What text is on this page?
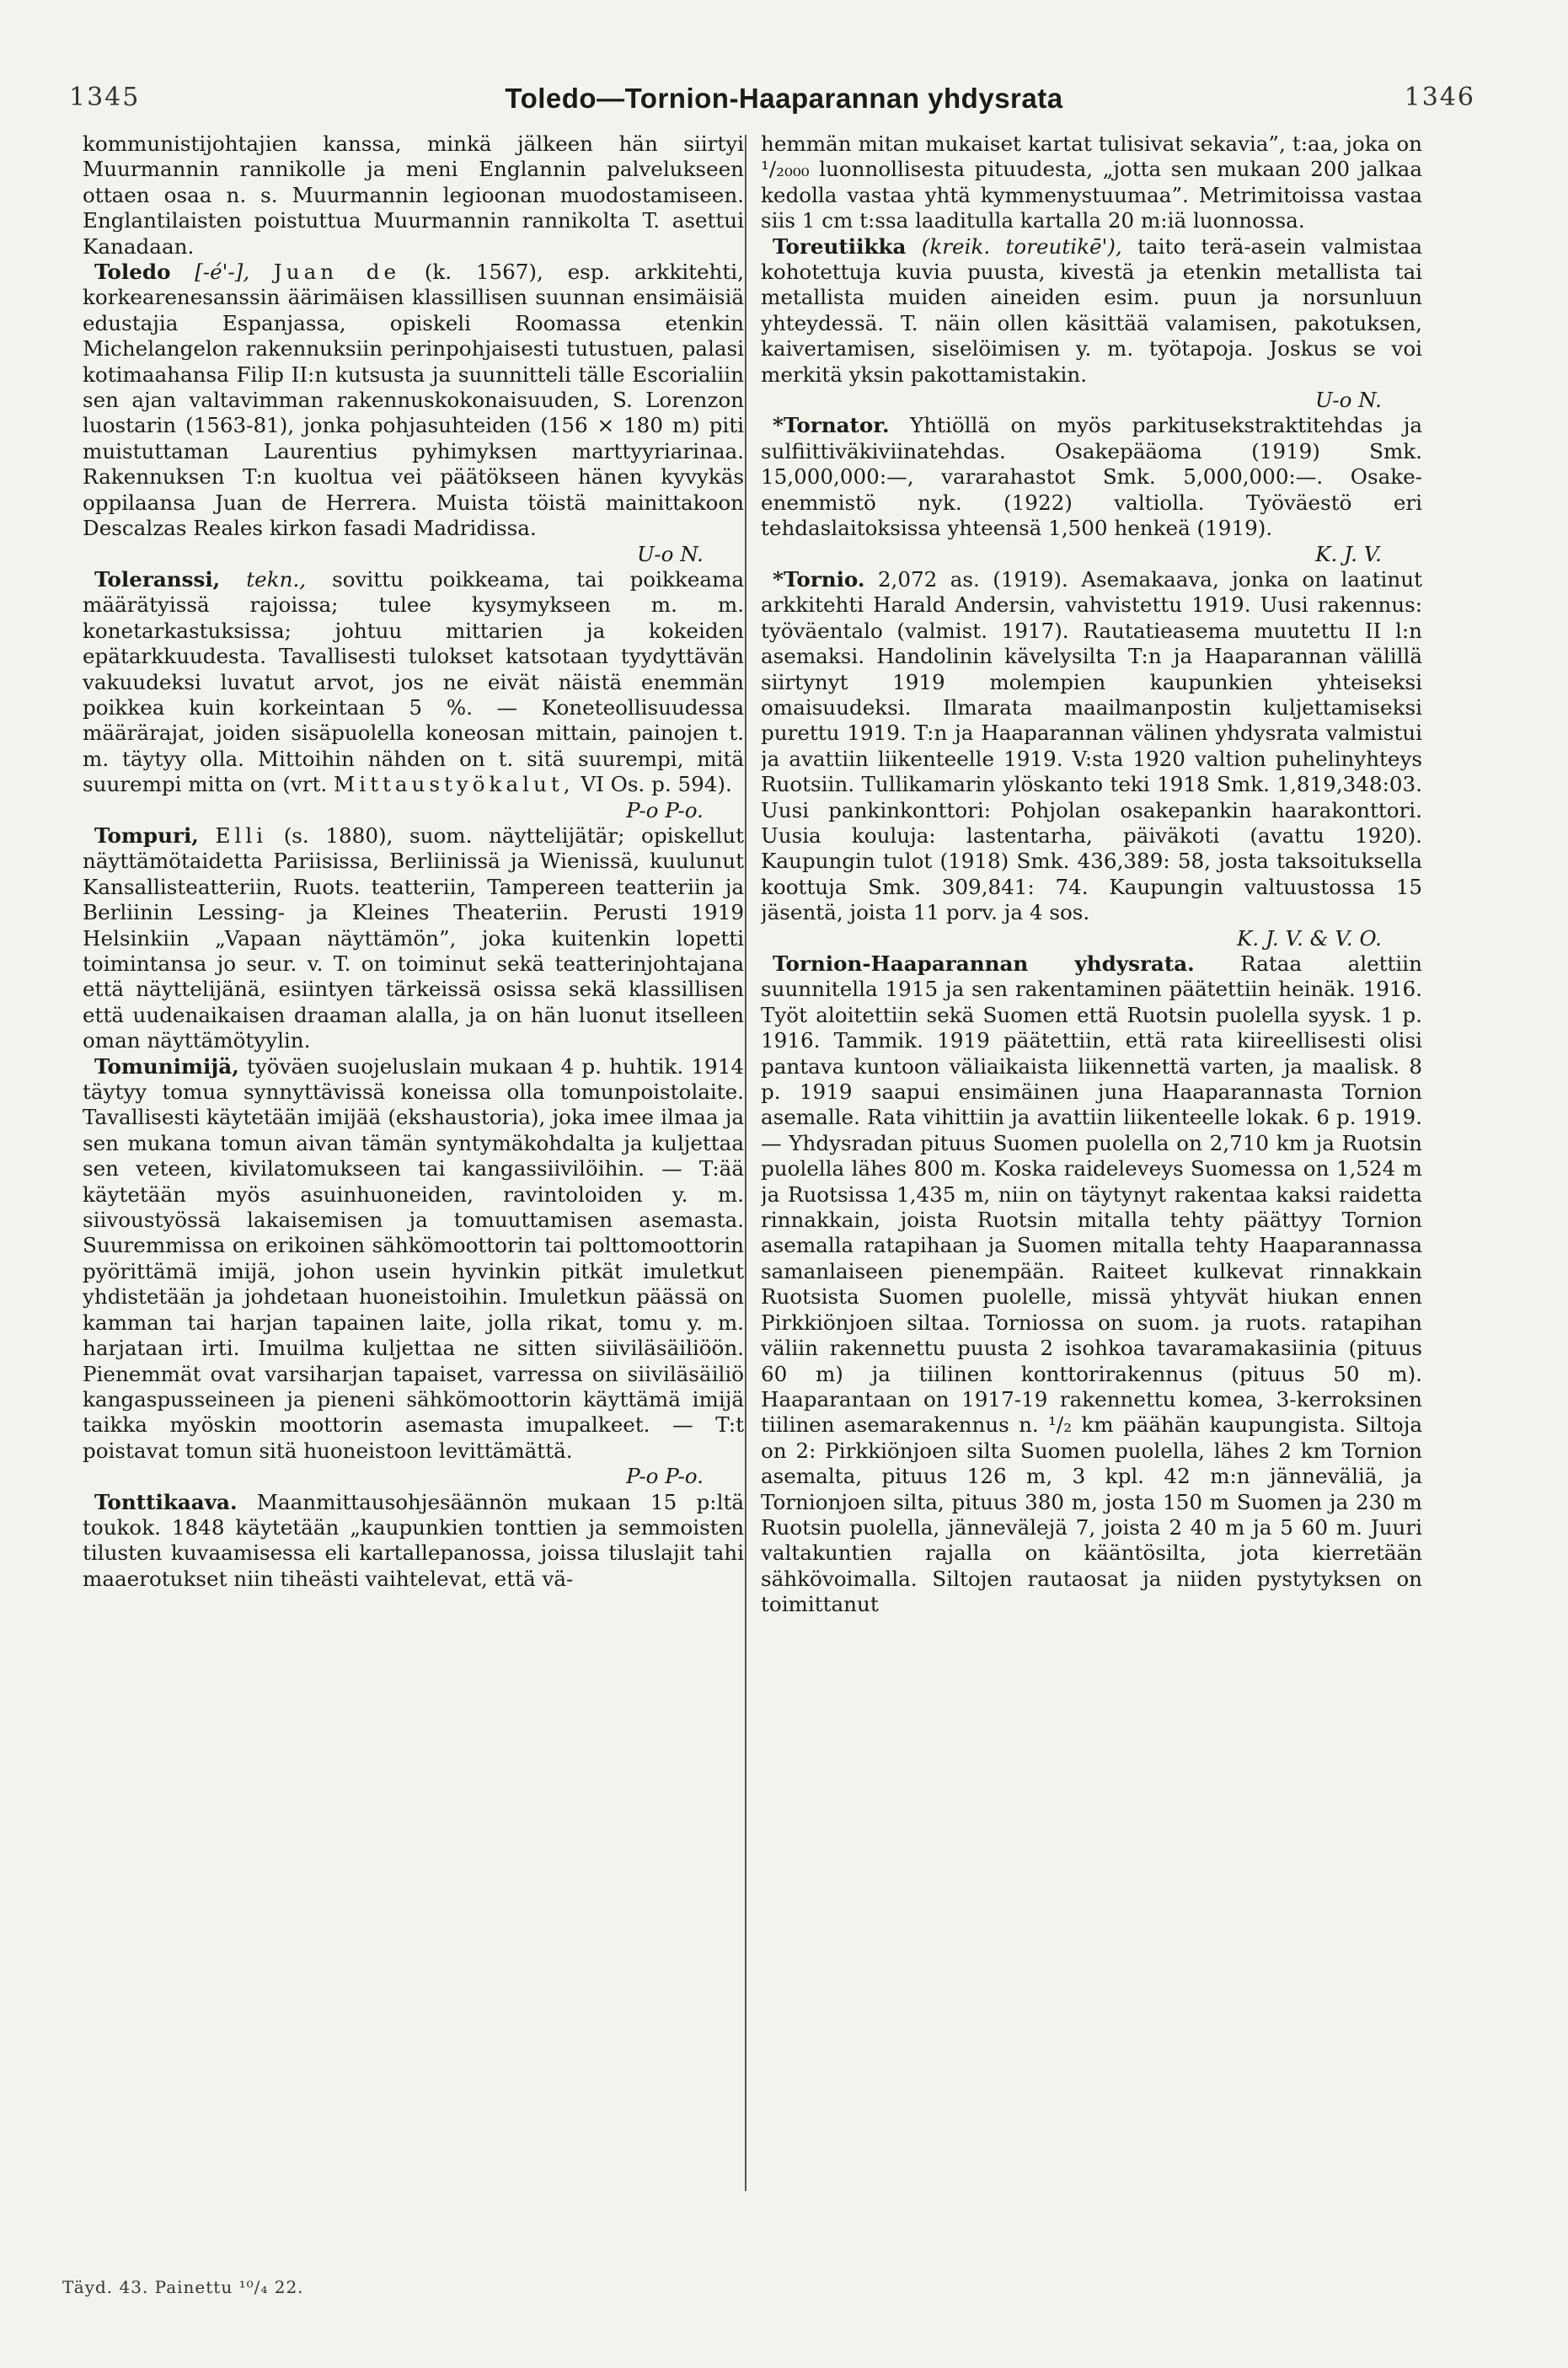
1345	Toledo—Tornion-Haaparannan yhdysrata	1346

kommunistijohtajien kanssa, minkä jälkeen hän siirtyi Muurmannin rannikolle ja meni Englannin palvelukseen ottaen osaa n. s. Muurmannin legioonan muodostamiseen. Englantilaisten poistuttua Muurmannin rannikolta T. asettui Kanadaan.

Toledo [-é'-], Juan de (k. 1567), esp. arkkitehti, korkearenesanssin äärimäisen klassillisen suunnan ensimäisiä edustajia Espanjassa, opiskeli Roomassa etenkin Michelangelon rakennuksiin perinpohjaisesti tutustuen, palasi kotimaahansa Filip II:n kutsusta ja suunnitteli tälle Escorialiin sen ajan valtavimman rakennuskokonaisuuden, S. Lorenzon luostarin (1563-81), jonka pohjasuhteiden (156 × 180 m) piti muistuttaman Laurentius pyhimyksen marttyyriarinaa. Rakennuksen T:n kuoltua vei päätökseen hänen kyvykäs oppilaansa Juan de Herrera. Muista töistä mainittakoon Descalzas Reales kirkon fasadi Madridissa.

U-o N.

Toleranssi, tekn., sovittu poikkeama, tai poikkeama määrätyissä rajoissa; tulee kysymykseen m. m. konetarkastuksissa; johtuu mittarien ja kokeiden epätarkkuudesta. Tavallisesti tulokset katsotaan tyydyttävän vakuudeksi luvatut arvot, jos ne eivät näistä enemmän poikkea kuin korkeintaan 5 %. — Koneteollisuudessa määrärajat, joiden sisäpuolella koneosan mittain, painojen t. m. täytyy olla. Mittoihin nähden on t. sitä suurempi, mitä suurempi mitta on (vrt. Mittaustyökalut, VI Os. p. 594).

P-o P-o.

Tompuri, Elli (s. 1880), suom. näyttelijätär; opiskellut näyttämötaidetta Pariisissa, Berliinissä ja Wienissä, kuulunut Kansallisteatteriin, Ruots. teatteriin, Tampereen teatteriin ja Berliinin Lessing- ja Kleines Theateriin. Perusti 1919 Helsinkiin „Vapaan näyttämön”, joka kuitenkin lopetti toimintansa jo seur. v. T. on toiminut sekä teatterinjohtajana että näyttelijänä, esiintyen tärkeissä osissa sekä klassillisen että uudenaikaisen draaman alalla, ja on hän luonut itselleen oman näyttämötyylin.

Tomunimijä, työväen suojeluslain mukaan 4 p. huhtik. 1914 täytyy tomua synnyttävissä koneissa olla tomunpoistolaite. Tavallisesti käytetään imijää (ekshaustoria), joka imee ilmaa ja sen mukana tomun aivan tämän syntymäkohdalta ja kuljettaa sen veteen, kivilatomukseen tai kangassiivilöihin. — T:ää käytetään myös asuinhuoneiden, ravintoloiden y. m. siivoustyössä lakaisemisen ja tomuuttamisen asemasta. Suuremmissa on erikoinen sähkömoottorin tai polttomoottorin pyörittämä imijä, johon usein hyvinkin pitkät imuletkut yhdistetään ja johdetaan huoneistoihin. Imuletkun päässä on kamman tai harjan tapainen laite, jolla rikat, tomu y. m. harjataan irti. Imuilma kuljettaa ne sitten siiviläsäiliöön. Pienemmät ovat varsiharjan tapaiset, varressa on siiviläsäiliö kangaspusseineen ja pieneni sähkömoottorin käyttämä imijä taikka myöskin moottorin asemasta imupalkeet. — T:t poistavat tomun sitä huoneistoon levittämättä.

P-o P-o.

Tonttikaava. Maanmittausohjesäännön mukaan 15 p:ltä toukok. 1848 käytetään „kaupunkien tonttien ja semmoisten tilusten kuvaamisessa eli kartallepanossa, joissa tiluslajit tahi maaerotukset niin tiheästi vaihtelevat, että vä-

hemmän mitan mukaiset kartat tulisivat sekavia”, t:aa, joka on ¹/₂₀₀₀ luonnollisesta pituudesta, „jotta sen mukaan 200 jalkaa kedolla vastaa yhtä kymmenystuumaa”. Metrimitoissa vastaa siis 1 cm t:ssa laaditulla kartalla 20 m:iä luonnossa.

Toreutiikka (kreik. toreutikē'), taito terä-asein valmistaa kohotettuja kuvia puusta, kivestä ja etenkin metallista tai metallista muiden aineiden esim. puun ja norsunluun yhteydessä. T. näin ollen käsittää valamisen, pakotuksen, kaivertamisen, siselöimisen y. m. työtapoja. Joskus se voi merkitä yksin pakottamistakin.

U-o N.

*Tornator. Yhtiöllä on myös parkitusekstraktitehdas ja sulfiittiväkiviinatehdas. Osakepääoma (1919) Smk. 15,000,000:—, vararahastot Smk. 5,000,000:—. Osake-enemmistö nyk. (1922) valtiolla. Työväestö eri tehdaslaitoksissa yhteensä 1,500 henkeä (1919).

K. J. V.

*Tornio. 2,072 as. (1919). Asemakaava, jonka on laatinut arkkitehti Harald Andersin, vahvistettu 1919. Uusi rakennus: työväentalo (valmist. 1917). Rautatieasema muutettu II l:n asemaksi. Handolinin kävelysilta T:n ja Haaparannan välillä siirtynyt 1919 molempien kaupunkien yhteiseksi omaisuudeksi. Ilmarata maailmanpostin kuljettamiseksi purettu 1919. T:n ja Haaparannan välinen yhdysrata valmistui ja avattiin liikenteelle 1919. V:sta 1920 valtion puhelinyhteys Ruotsiin. Tullikamarin ylöskanto teki 1918 Smk. 1,819,348:03. Uusi pankinkonttori: Pohjolan osakepankin haarakonttori. Uusia kouluja: lastentarha, päiväkoti (avattu 1920). Kaupungin tulot (1918) Smk. 436,389: 58, josta taksoituksella koottuja Smk. 309,841: 74. Kaupungin valtuustossa 15 jäsentä, joista 11 porv. ja 4 sos.

K. J. V. & V. O.

Tornion-Haaparannan yhdysrata. Rataa alettiin suunnitella 1915 ja sen rakentaminen päätettiin heinäk. 1916. Työt aloitettiin sekä Suomen että Ruotsin puolella syysk. 1 p. 1916. Tammik. 1919 päätettiin, että rata kiireellisesti olisi pantava kuntoon väliaikaista liikennettä varten, ja maalisk. 8 p. 1919 saapui ensimäinen juna Haaparannasta Tornion asemalle. Rata vihittiin ja avattiin liikenteelle lokak. 6 p. 1919. — Yhdysradan pituus Suomen puolella on 2,710 km ja Ruotsin puolella lähes 800 m. Koska raideleveys Suomessa on 1,524 m ja Ruotsissa 1,435 m, niin on täytynyt rakentaa kaksi raidetta rinnakkain, joista Ruotsin mitalla tehty päättyy Tornion asemalla ratapihaan ja Suomen mitalla tehty Haaparannassa samanlaiseen pienempään. Raiteet kulkevat rinnakkain Ruotsista Suomen puolelle, missä yhtyvät hiukan ennen Pirkkiönjoen siltaa. Torniossa on suom. ja ruots. ratapihan väliin rakennettu puusta 2 isohkoa tavaramakasiinia (pituus 60 m) ja tiilinen konttorirakennus (pituus 50 m). Haaparantaan on 1917-19 rakennettu komea, 3-kerroksinen tiilinen asemarakennus n. ¹/₂ km päähän kaupungista. Siltoja on 2: Pirkkiönjoen silta Suomen puolella, lähes 2 km Tornion asemalta, pituus 126 m, 3 kpl. 42 m:n jänneväliä, ja Tornionjoen silta, pituus 380 m, josta 150 m Suomen ja 230 m Ruotsin puolella, jännevälejä 7, joista 2 40 m ja 5 60 m. Juuri valtakuntien rajalla on kääntösilta, jota kierretään sähkövoimalla. Siltojen rautaosat ja niiden pystytyksen on toimittanut

Täyd. 43. Painettu ¹⁰/₄ 22.
